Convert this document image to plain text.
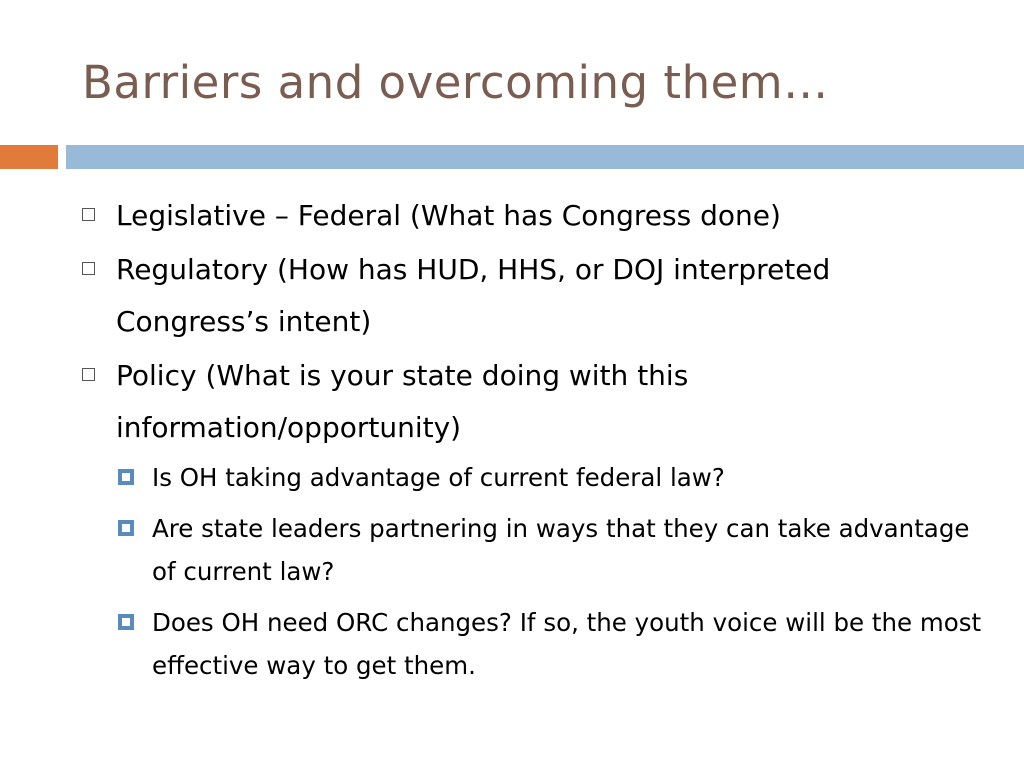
Barriers and overcoming them…
Legislative – Federal (What has Congress done)
Regulatory (How has HUD, HHS, or DOJ interpreted Congress’s intent)
Policy (What is your state doing with this information/opportunity)
Is OH taking advantage of current federal law?
Are state leaders partnering in ways that they can take advantage of current law?
Does OH need ORC changes? If so, the youth voice will be the most effective way to get them.
